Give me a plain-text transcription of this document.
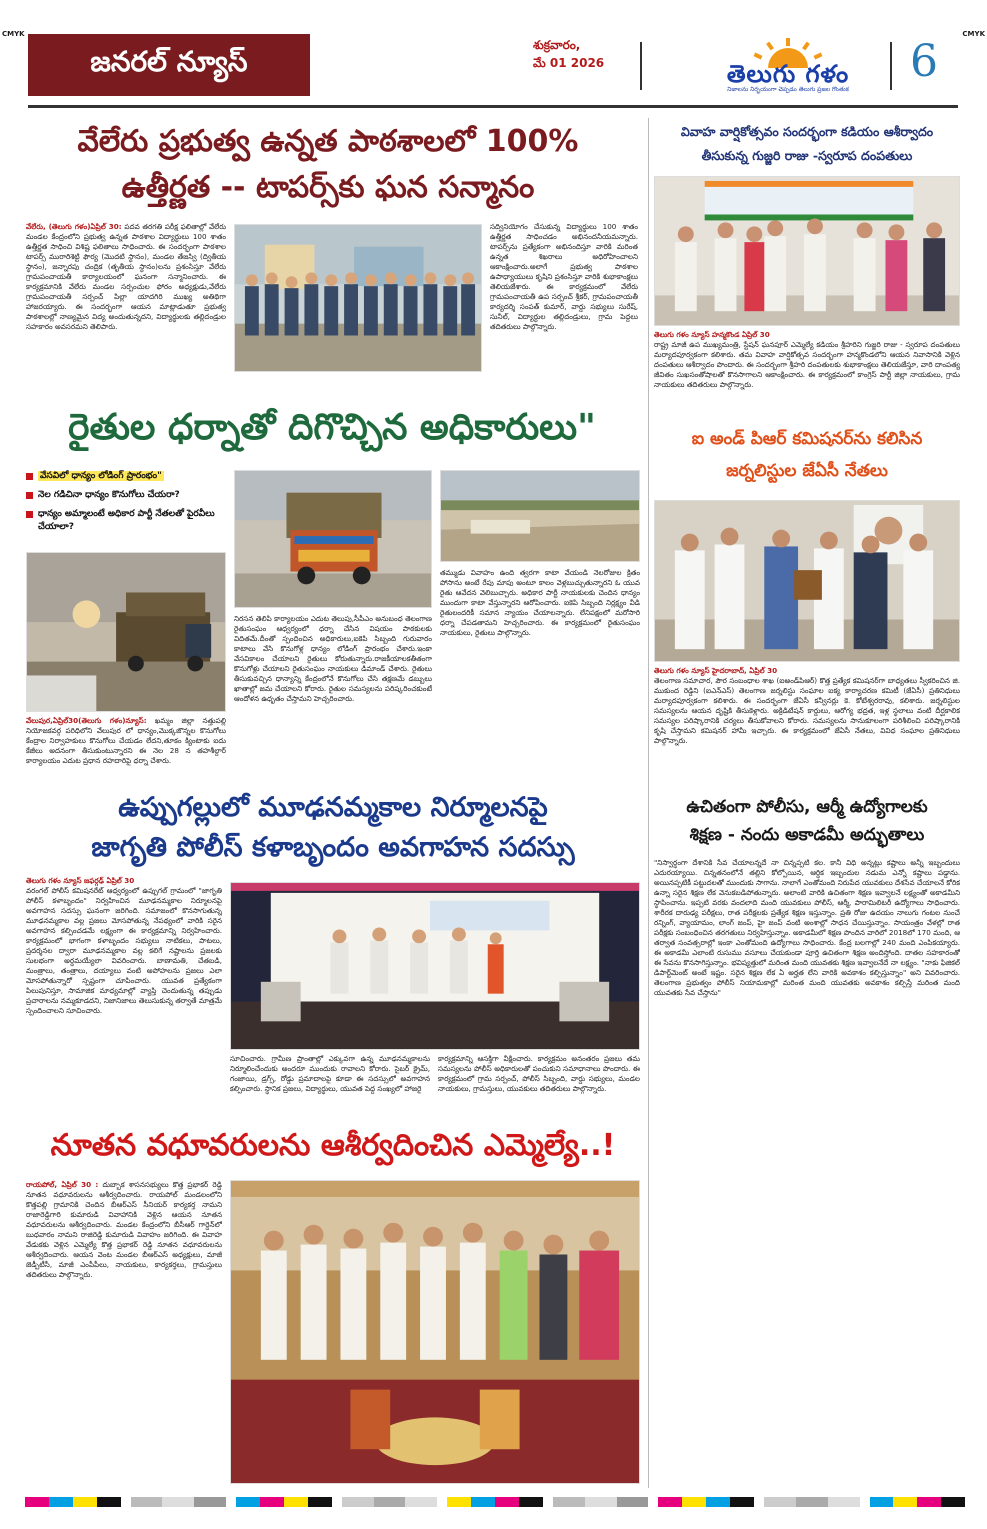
CMYK	CMYK
జనరల్ న్యూస్	శుక్రవారం,
మే 01 2026	తెలుగు గళం
నిజాలను నిర్భయంగా చెప్పడం తెలుగు ప్రజల గొంతుక
6
వేలేరు ప్రభుత్వ ఉన్నత పాఠశాలలో 100%
ఉత్తీర్ణత -- టాపర్స్‌కు ఘన సన్మానం
వేలేరు, (తెలుగు గళం)ఏప్రిల్ 30: పదవ తరగతి పరీక్ష ఫలితాల్లో వేలేరు మండల కేంద్రంలోని ప్రభుత్వ ఉన్నత పాఠశాల విద్యార్థులు 100 శాతం ఉత్తీర్ణత సాధించి విశిష్ట ఫలితాలు సాధించారు. ఈ సందర్భంగా పాఠశాల టాపర్స్ మురారిశెట్టి ఫౌర్య (మొదటి స్థానం), మండల తేజస్వి (ద్వితీయ స్థానం), జన్నారపు చంద్రిక (తృతీయ స్థానం)లను ప్రశంసిస్తూ వేలేరు గ్రామపంచాయతీ కార్యాలయంలో ఘనంగా సన్మానించారు. ఈ కార్యక్రమానికి వేలేరు మండల సర్పంచుల ఫోరం అధ్యక్షుడు,వేలేరు గ్రామపంచాయతీ సర్పంచ్ పిల్లా యాదగిరి ముఖ్య అతిథిగా హాజరయ్యారు. ఈ సందర్భంగా ఆయన మాట్లాడుతూ ప్రభుత్వ పాఠశాలల్లో నాణ్యమైన విద్య అందుతున్నదని, విద్యార్థులకు తల్లిదండ్రుల సహకారం అవసరమని తెలిపారు.
సద్వినియోగం చేసుకున్న విద్యార్థులు 100 శాతం ఉత్తీర్ణత సాధించడం అభినందనీయమన్నారు. టాపర్స్‌ను ప్రత్యేకంగా అభినందిస్తూ వారికి మరింత ఉన్నత శిఖరాలు అధిరోహించాలని ఆకాంక్షించారు.అలాగే ప్రభుత్వ పాఠశాల ఉపాధ్యాయులు కృషిని ప్రశంసిస్తూ వారికి శుభాకాంక్షలు తెలియజేశారు. ఈ కార్యక్రమంలో వేలేరు గ్రామపంచాయతీ ఉప సర్పంచ్ శ్రీకర్, గ్రామపంచాయతీ కార్యదర్శి సంపత్ కుమార్, వార్డు సభ్యులు సురేష్, సునీల్, విద్యార్థుల తల్లిదండ్రులు, గ్రామ పెద్దలు తదితరులు పాల్గొన్నారు.
రైతుల ధర్నాతో దిగొచ్చిన అధికారులు"
వేసవిలో ధాన్యం లోడింగ్ ప్రారంభం"
నెల గడిచినా ధాన్యం కొనుగోలు చేయరా?
ధాన్యం అమ్మాలంటే అధికార పార్టీ నేతలతో పైరవీలు చేయాలా?
నిరసన తెలిపి కార్యాలయం ఎదుట తెలుపు,సీపీఎం అనుబంధ తెలంగాణ రైతుసంఘం ఆధ్వర్యంలో ధర్నా చేసిన విషయం పాఠకులకు విదితమే.దీంతో స్పందించిన అధికారులు,ఐకెపి సిబ్బంది గురువారం కాటాలు వేసి కొనుగోళ్ల ధాన్యం లోడింగ్ ప్రారంభం చేశారు.ఇంకా వేసవికాలం చేయాలని రైతులు కోరుతున్నారు.రాజకీయాలకతీతంగా కొనుగోళ్లు చేయాలని రైతుసంఘం నాయకులు డిమాండ్ చేశారు. రైతులు తీసుకువచ్చిన ధాన్యాన్ని కేంద్రంలోనే కొనుగోలు చేసి తక్షణమే డబ్బులు ఖాతాల్లో జమ చేయాలని కోరారు. రైతుల సమస్యలను పరిష్కరించకుంటే ఆందోళన ఉధృతం చేస్తామని హెచ్చరించారు.
తమ్ముడు వివాహం ఉంది త్వరగా కాటా వేయండి నెలరోజుల క్రితం పోసాను అంటే రేపు మాపు అంటూ కాలం వెళ్లబుచ్చుతున్నారని ఓ యువ రైతు ఆవేదన వెలిబుచ్చారు. అధికార పార్టీ నాయకులకు చెందిన ధాన్యం ముందుగా కాటా వేస్తున్నారని ఆరోపించారు. ఐకెపి సిబ్బంది నిర్లక్ష్యం వీడి రైతులందరికీ సమాన న్యాయం చేయాలన్నారు. లేనిపక్షంలో మరోసారి ధర్నా చేపడతామని హెచ్చరించారు. ఈ కార్యక్రమంలో రైతుసంఘం నాయకులు, రైతులు పాల్గొన్నారు.
వేలుపుర,ఏప్రిల్30(తెలుగు గళం)న్యూస్: ఖమ్మం జిల్లా నత్తుపల్లి నియోజకవర్గ పరిధిలోని వేలుపుర లో ధాన్యం,మొక్కజొన్నల కొనుగోలు కేంద్రాల నిర్వాహకులు కొనుగోలు చేయడం లేదని,తూకం క్యింటాకు ఐదు కేజీలు అదనంగా తీసుకుంటున్నారని ఈ నెల 28 న తహశీల్దార్ కార్యాలయం ఎదుట ప్రధాన రహదారిపై ధర్నా చేశారు.
ఉప్పుగల్లులో మూఢనమ్మకాల నిర్మూలనపై
జాగృతి పోలీస్ కళాబృందం అవగాహన సదస్సు
తెలుగు గళం న్యూస్ జఫర్గఢ్ ఏప్రిల్ 30
వరంగల్ పోలీస్ కమిషనరేట్ ఆధ్వర్యంలో ఉప్పుగల్ గ్రామంలో "జాగృతి పోలీస్ కళాబృందం" నిర్వహించిన మూఢనమ్మకాల నిర్మూలనపై అవగాహన సదస్సు ఘనంగా జరిగింది. సమాజంలో కొనసాగుతున్న మూఢనమ్మకాల వల్ల ప్రజలు మోసపోతున్న నేపథ్యంలో వారికి సరైన అవగాహన కల్పించడమే లక్ష్యంగా ఈ కార్యక్రమాన్ని నిర్వహించారు. కార్యక్రమంలో భాగంగా కళాబృందం సభ్యులు నాటికలు, పాటలు, ప్రదర్శనల ద్వారా మూఢనమ్మకాల వల్ల కలిగే నష్టాలను ప్రజలకు సులభంగా అర్థమయ్యేలా వివరించారు. బాణామతి, చేతబడి, మంత్రాలు, తంత్రాలు, దయ్యాలు వంటి అపోహలను ప్రజలు ఎలా మోసపోతున్నారో స్పష్టంగా చూపించారు. యువత ప్రత్యేకంగా పిలుపునిస్తూ, సామాజిక మాధ్యమాల్లో వ్యాప్తి చెందుతున్న తప్పుడు ప్రచారాలను నమ్మకూడదని, నిజానిజాలు తెలుసుకున్న తర్వాతే మాత్రమే స్పందించాలని సూచించారు.
సూచించారు. గ్రామీణ ప్రాంతాల్లో ఎక్కువగా ఉన్న మూఢనమ్మకాలను నిర్మూలించేందుకు అందరూ ముందుకు రావాలని కోరారు. సైబర్ క్రైమ్, గంజాయి, డ్రగ్స్, రోడ్డు ప్రమాదాలపై కూడా ఈ సదస్సులో అవగాహన కల్పించారు. స్థానిక ప్రజలు, విద్యార్థులు, యువత పెద్ద సంఖ్యలో హాజరై
కార్యక్రమాన్ని ఆసక్తిగా వీక్షించారు. కార్యక్రమం అనంతరం ప్రజలు తమ సమస్యలను పోలీస్ అధికారులతో పంచుకుని సమాధానాలు పొందారు. ఈ కార్యక్రమంలో గ్రామ సర్పంచ్, పోలీస్ సిబ్బంది, వార్డు సభ్యులు, మండల నాయకులు, గ్రామస్తులు, యువకులు తదితరులు పాల్గొన్నారు.
నూతన వధూవరులను ఆశీర్వదించిన ఎమ్మెల్యే..!
రాయపోల్, ఏప్రిల్ 30 : దుబ్బాక శాసనసభ్యులు కొత్త ప్రభాకర్ రెడ్డి నూతన వధూవరులను ఆశీర్వదించారు. రాయపోల్ మండలంలోని కొత్తపల్లి గ్రామానికి చెందిన బీఆర్ఎస్ సీనియర్ కార్యకర్త నామని రాజారెడ్డిగారి కుమారుడి వివాహానికి వెళ్లిన ఆయన నూతన వధూవరులను ఆశీర్వదించారు. మండల కేంద్రంలోని బీసీఆర్ గార్డెన్‌లో బుధవారం నామని రాజిరెడ్డి కుమారుడి వివాహం జరిగింది. ఈ వివాహ వేడుకకు వెళ్లిన ఎమ్మెల్యే కొత్త ప్రభాకర్ రెడ్డి నూతన వధూవరులను ఆశీర్వదించారు. ఆయన వెంట మండల బీఆర్ఎస్ అధ్యక్షులు, మాజీ జెడ్పీటీసీ, మాజీ ఎంపీపీలు, నాయకులు, కార్యకర్తలు, గ్రామస్తులు తదితరులు పాల్గొన్నారు.
వివాహ వార్షికోత్సవం సందర్భంగా కడియం ఆశీర్వాదం
తీసుకున్న గుజ్జరి రాజు -స్వరూప దంపతులు
తెలుగు గళం న్యూస్ హన్మకొండ ఏప్రిల్ 30
రాష్ట్ర మాజీ ఉప ముఖ్యమంత్రి, స్టేషన్ ఘనపూర్ ఎమ్మెల్యే కడియం శ్రీహరిని గుజ్జరి రాజు - స్వరూప దంపతులు మర్యాదపూర్వకంగా కలిశారు. తమ వివాహ వార్షికోత్సవ సందర్భంగా హన్మకొండలోని ఆయన నివాసానికి వెళ్లిన దంపతులు ఆశీర్వాదం పొందారు. ఈ సందర్భంగా శ్రీహరి దంపతులకు శుభాకాంక్షలు తెలియజేస్తూ, వారి దాంపత్య జీవితం సుఖసంతోషాలతో కొనసాగాలని ఆకాంక్షించారు. ఈ కార్యక్రమంలో కాంగ్రెస్ పార్టీ జిల్లా నాయకులు, గ్రామ నాయకులు తదితరులు పాల్గొన్నారు.
ఐ అండ్ పిఆర్ కమిషనర్‌ను కలిసిన
జర్నలిస్టుల జేఏసీ నేతలు
తెలుగు గళం న్యూస్ హైదరాబాద్, ఏప్రిల్ 30
తెలంగాణ సమాచార, పౌర సంబంధాల శాఖ (ఐఅండ్‌పిఆర్) కొత్త ప్రత్యేక కమిషనర్‌గా బాధ్యతలు స్వీకరించిన జి. ముకుంద రెడ్డిని (ఐఎన్‌ఎస్) తెలంగాణ జర్నలిస్టు సంఘాల ఐక్య కార్యాచరణ కమిటీ (జేఏసీ) ప్రతినిధులు మర్యాదపూర్వకంగా కలిశారు. ఈ సందర్భంగా జేఏసీ కన్వీనర్లు కె. కోటేశ్వరరావు, కలిశారు. జర్నలిస్టుల సమస్యలను ఆయన దృష్టికి తీసుకెళ్లారు. అక్రిడిటేషన్ కార్డులు, ఆరోగ్య భద్రత, ఇళ్ల స్థలాలు వంటి దీర్ఘకాలిక సమస్యల పరిష్కారానికి చర్యలు తీసుకోవాలని కోరారు. సమస్యలను సానుకూలంగా పరిశీలించి పరిష్కారానికి కృషి చేస్తామని కమిషనర్ హామీ ఇచ్చారు. ఈ కార్యక్రమంలో జేఏసీ నేతలు, వివిధ సంఘాల ప్రతినిధులు పాల్గొన్నారు.
ఉచితంగా పోలీసు, ఆర్మీ ఉద్యోగాలకు
శిక్షణ - నందు అకాడమీ అద్భుతాలు
"నిస్వార్థంగా దేశానికి సేవ చేయాలన్నదే నా చిన్నప్పటి కల. కానీ విధి అన్నట్లు కష్టాలు అన్నీ ఇబ్బందులు ఎదురయ్యాయి. చిన్నతనంలోనే తల్లిని కోల్పోయిన, ఆర్థిక ఇబ్బందుల నడుమ ఎన్నో కష్టాలు పడ్డాను. అయినప్పటికీ పట్టుదలతో ముందుకు సాగాను. నాలాగే ఎంతోమంది నిరుపేద యువకులు దేశసేవ చేయాలనే కోరిక ఉన్నా సరైన శిక్షణ లేక వెనుకబడిపోతున్నారు. అలాంటి వారికి ఉచితంగా శిక్షణ ఇవ్వాలనే లక్ష్యంతో అకాడమీని స్థాపించాను. ఇప్పటి వరకు వందలాది మంది యువకులు పోలీస్, ఆర్మీ, పారామిలిటరీ ఉద్యోగాలు సాధించారు. శారీరక దారుఢ్య పరీక్షలు, రాత పరీక్షలకు ప్రత్యేక శిక్షణ ఇస్తున్నాం. ప్రతి రోజు ఉదయం నాలుగు గంటల నుంచే రన్నింగ్, వ్యాయామం, లాంగ్ జంప్, హై జంప్ వంటి అంశాల్లో సాధన చేయిస్తున్నాం. సాయంత్రం వేళల్లో రాత పరీక్షకు సంబంధించిన తరగతులు నిర్వహిస్తున్నాం. అకాడమీలో శిక్షణ పొందిన వారిలో 2018లో 170 మంది, ఆ తర్వాత సంవత్సరాల్లో ఇంకా ఎంతోమంది ఉద్యోగాలు సాధించారు. కేంద్ర బలగాల్లో 240 మంది ఎంపికయ్యారు. ఈ అకాడమీ ఎలాంటి రుసుము వసూలు చేయకుండా పూర్తి ఉచితంగా శిక్షణ అందిస్తోంది. దాతల సహకారంతో ఈ సేవను కొనసాగిస్తున్నాం. భవిష్యత్తులో మరింత మంది యువతకు శిక్షణ ఇవ్వాలనేదే నా లక్ష్యం. "నాకు ఫిజికల్ డిపార్ట్‌మెంట్ అంటే ఇష్టం. సరైన శిక్షణ లేక ఏ అర్హత లేని వారికి అవకాశం కల్పిస్తున్నాం" అని వివరించారు. తెలంగాణ ప్రభుత్వం పోలీస్ నియామకాల్లో మరింత మంది యువతకు అవకాశం కల్పిస్తే మరింత మంది యువతకు సేవ చేస్తాను"
